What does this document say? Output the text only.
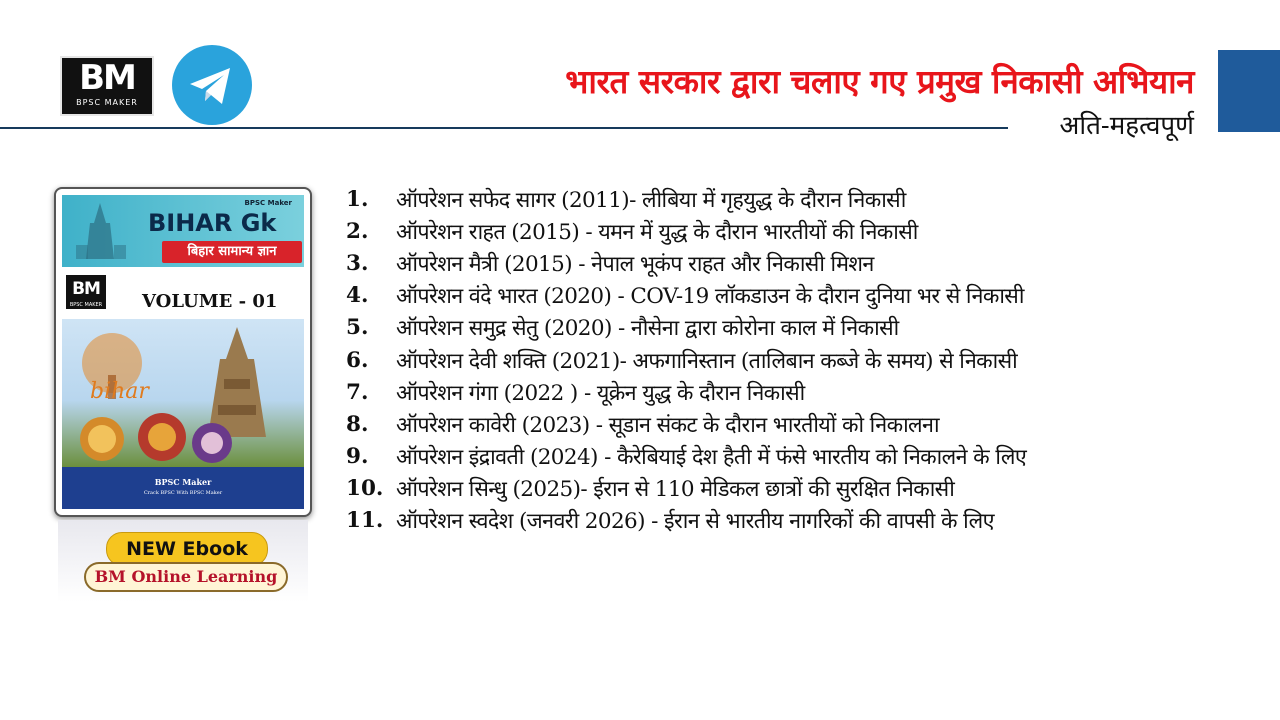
BM
BPSC MAKER
भारत सरकार द्वारा चलाए गए प्रमुख निकासी अभियान
अति-महत्वपूर्ण
BPSC Maker
BIHAR Gk
बिहार सामान्य ज्ञान
BM
BPSC MAKER VOLUME - 01
bihar
BPSC Maker
Crack BPSC With BPSC Maker
NEW Ebook
BM Online Learning
1.	ऑपरेशन सफेद सागर (2011)- लीबिया में गृहयुद्ध के दौरान निकासी
2.	ऑपरेशन राहत (2015) - यमन में युद्ध के दौरान भारतीयों की निकासी
3.	ऑपरेशन मैत्री (2015) - नेपाल भूकंप राहत और निकासी मिशन
4.	ऑपरेशन वंदे भारत (2020) - COV-19 लॉकडाउन के दौरान दुनिया भर से निकासी
5.	ऑपरेशन समुद्र सेतु (2020) - नौसेना द्वारा कोरोना काल में निकासी
6.	ऑपरेशन देवी शक्ति (2021)- अफगानिस्तान (तालिबान कब्जे के समय) से निकासी
7.	ऑपरेशन गंगा (2022 ) - यूक्रेन युद्ध के दौरान निकासी
8.	ऑपरेशन कावेरी (2023) - सूडान संकट के दौरान भारतीयों को निकालना
9.	ऑपरेशन इंद्रावती (2024) - कैरेबियाई देश हैती में फंसे भारतीय को निकालने के लिए
10. ऑपरेशन सिन्धु (2025)- ईरान से 110 मेडिकल छात्रों की सुरक्षित निकासी
11. ऑपरेशन स्वदेश (जनवरी 2026) - ईरान से भारतीय नागरिकों की वापसी के लिए
